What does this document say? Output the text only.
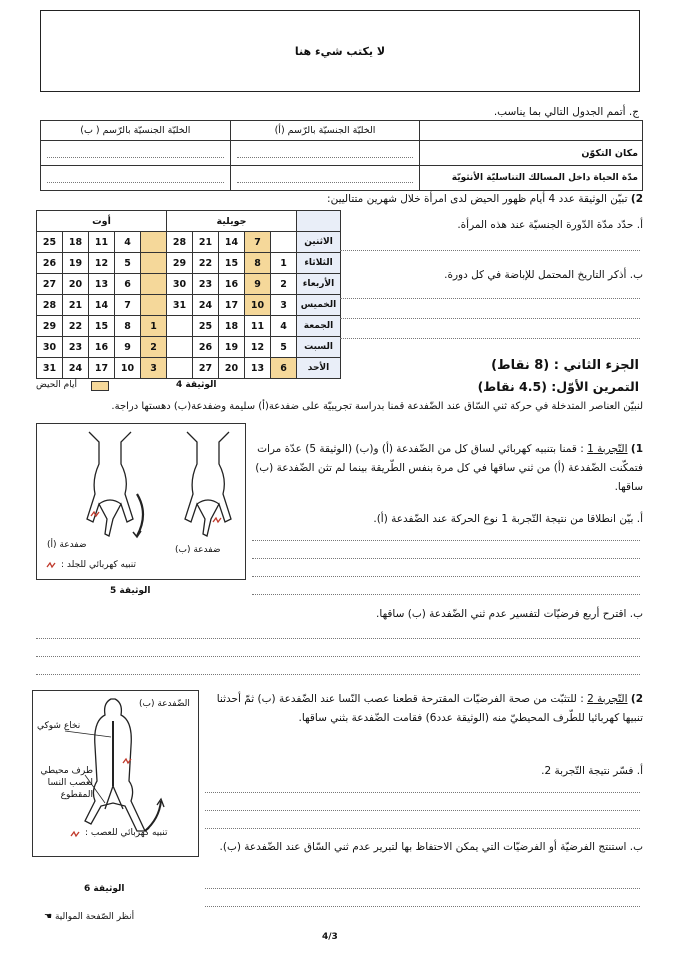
لا يكتب شيء هنا
ج. أتمم الجدول التالي بما يناسب.
الخليّة الجنسيّة بالرّسم ( ب)	الخليّة الجنسيّة بالرّسم (أ)	

	مكان التكوّن

	مدّة الحياة داخل المسالك التناسليّة الأنثويّة
2) تبيّن الوثيقة عدد 4 أيام ظهور الحيض لدى امرأة خلال شهرين متتاليين:
أوت					جويلية					
25	18	11	4		28	21	14	7		الاثنين
26	19	12	5		29	22	15	8	1	الثلاثاء
27	20	13	6		30	23	16	9	2	الأربعاء
28	21	14	7		31	24	17	10	3	الخميس
29	22	15	8	1		25	18	11	4	الجمعة
30	23	16	9	2		26	19	12	5	السبت
31	24	17	10	3		27	20	13	6	الأحد
أيام الحيض	الوثيقة 4
أ. حدّد مدّة الدّورة الجنسيّة عند هذه المرأة.
ب. أذكر التاريخ المحتمل للإباضة في كل دورة.
الجزء الثاني : (8 نقاط)
التمرين الأوّل: (4.5 نقاط)
لنبيّن العناصر المتدخلة في حركة ثني السّاق عند الضّفدعة قمنا بدراسة تجريبيّة على ضفدعة(أ) سليمة وضفدعة(ب) دهستها دراجة.
ضفدعة (أ)	ضفدعة (ب)
: تنبيه كهربائي للجلد
الوثيقة 5
1) التّجربة 1 : قمنا بتنبيه كهربائي لساق كل من الضّفدعة (أ) و(ب) (الوثيقة 5) عدّة مرات فتمكّنت الضّفدعة (أ) من ثني ساقها في كل مرة بنفس الطّريقة بينما لم تثن الضّفدعة (ب) ساقها.
أ. بيّن انطلاقا من نتيجة التّجربة 1 نوع الحركة عند الضّفدعة (أ).
ب. اقترح أربع فرضيّات لتفسير عدم ثني الضّفدعة (ب) ساقها.
الضّفدعة (ب)
نخاع شوكي
طرف محيطي لعصب النسا المقطوع
: تنبيه كهربائي للعصب
الوثيقة 6
2) التّجربة 2 : للتثبّت من صحة الفرضيّات المقترحة قطعنا عصب النّسا عند الضّفدعة (ب) ثمّ أحدثنا تنبيها كهربائيا للطّرف المحيطيّ منه (الوثيقة عدد6) فقامت الضّفدعة بثني ساقها.
أ. فسّر نتيجة التّجربة 2.
ب. استنتج الفرضيّة أو الفرضيّات التي يمكن الاحتفاظ بها لتبرير عدم ثني السّاق عند الضّفدعة (ب).
☚ أنظر الصّفحة الموالية
4/3
